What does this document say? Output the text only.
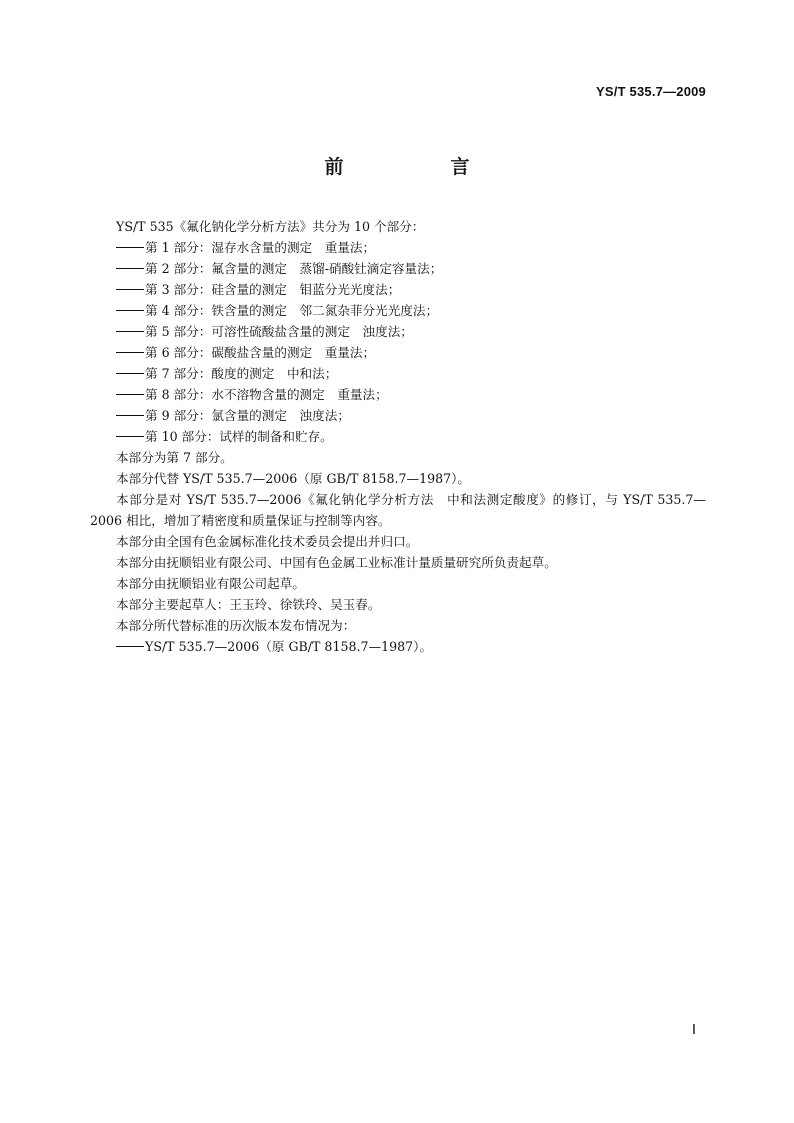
YS/T 535.7—2009
前　言

YS/T 535《氟化钠化学分析方法》共分为 10 个部分：

第 1 部分：湿存水含量的测定　重量法；

第 2 部分：氟含量的测定　蒸馏-硝酸钍滴定容量法；

第 3 部分：硅含量的测定　钼蓝分光光度法；

第 4 部分：铁含量的测定　邻二氮杂菲分光光度法；

第 5 部分：可溶性硫酸盐含量的测定　浊度法；

第 6 部分：碳酸盐含量的测定　重量法；

第 7 部分：酸度的测定　中和法；

第 8 部分：水不溶物含量的测定　重量法；

第 9 部分：氯含量的测定　浊度法；

第 10 部分：试样的制备和贮存。

本部分为第 7 部分。

本部分代替 YS/T 535.7—2006（原 GB/T 8158.7—1987）。

本部分是对 YS/T 535.7—2006《氟化钠化学分析方法　中和法测定酸度》的修订，与 YS/T 535.7—2006 相比，增加了精密度和质量保证与控制等内容。

本部分由全国有色金属标准化技术委员会提出并归口。

本部分由抚顺铝业有限公司、中国有色金属工业标准计量质量研究所负责起草。

本部分由抚顺铝业有限公司起草。

本部分主要起草人：王玉玲、徐铁玲、吴玉春。

本部分所代替标准的历次版本发布情况为：

YS/T 535.7—2006（原 GB/T 8158.7—1987）。

Ⅰ
